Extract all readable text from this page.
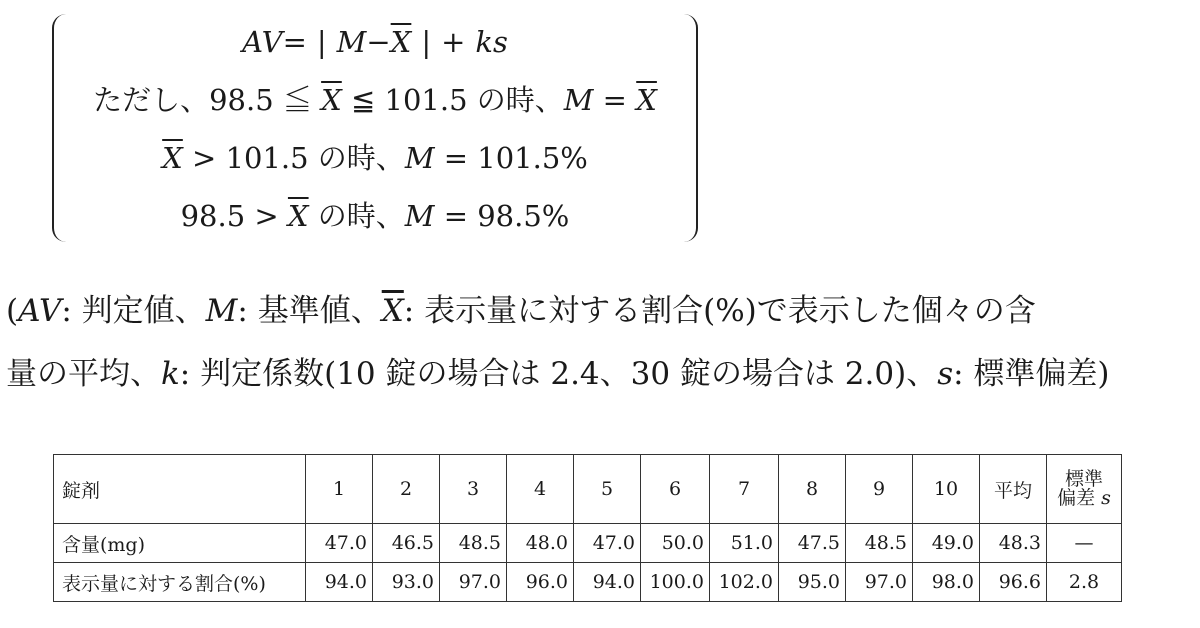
AV= | $M-\overline{X}$ | + ks
ただし、98.5 ≦ $\overline{X}$ ≦ 101.5 の時、$M = \overline{X}$
$\overline{X} > 101.5$ の時、M = 101.5%
$98.5 > \overline{X}$ の時、M = 98.5%
(AV: 判定値、M: 基準値、$\overline{X}$: 表示量に対する割合(%)で表示した個々の含
量の平均、k: 判定係数(10 錠の場合は 2.4、30 錠の場合は 2.0)、s: 標準偏差)
錠剤	1	2	3	4	5	6	7	8	9	10	平均	標準
偏差 s

含量(mg)	47.0	46.5	48.5	48.0	47.0	50.0	51.0	47.5	48.5	49.0	48.3	—
表示量に対する割合(%)	94.0	93.0	97.0	96.0	94.0	100.0	102.0	95.0	97.0	98.0	96.6	2.8
